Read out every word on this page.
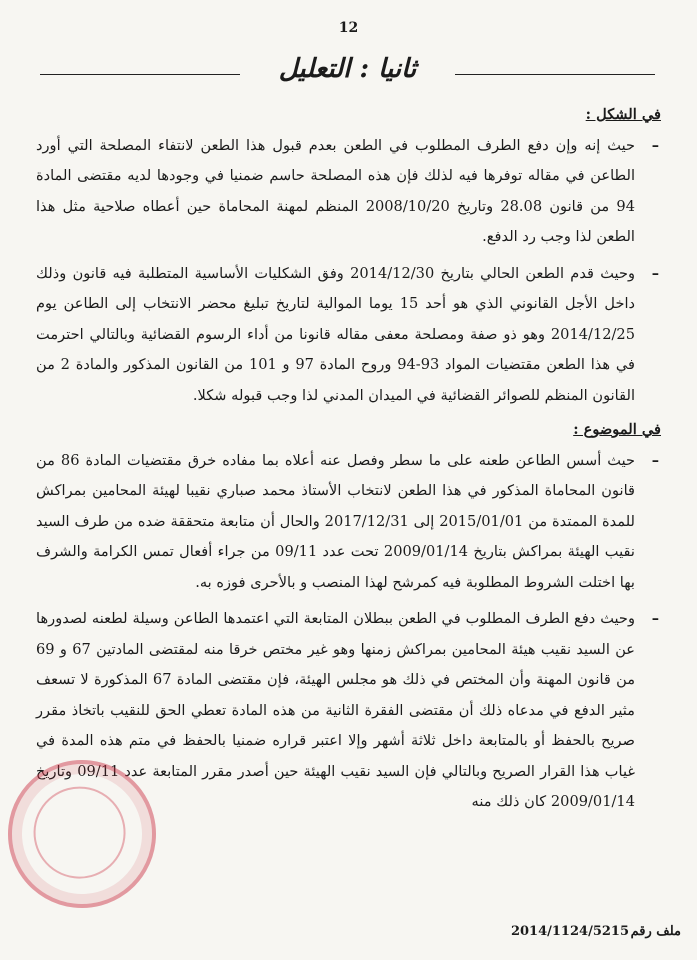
12
ثانيا : التعليل

في الشكل :

–
حيث إنه وإن دفع الطرف المطلوب في الطعن بعدم قبول هذا الطعن لانتفاء المصلحة التي أورد الطاعن في مقاله توفرها فيه لذلك فإن هذه المصلحة حاسم ضمنيا في وجودها لديه مقتضى المادة 94 من قانون 28.08 وتاريخ 2008/10/20 المنظم لمهنة المحاماة حين أعطاه صلاحية مثل هذا الطعن لذا وجب رد الدفع.
–
وحيث قدم الطعن الحالي بتاريخ 2014/12/30 وفق الشكليات الأساسية المتطلبة فيه قانون وذلك داخل الأجل القانوني الذي هو أحد 15 يوما الموالية لتاريخ تبليغ محضر الانتخاب إلى الطاعن يوم 2014/12/25 وهو ذو صفة ومصلحة معفى مقاله قانونا من أداء الرسوم القضائية وبالتالي احترمت في هذا الطعن مقتضيات المواد 93-94 وروح المادة 97 و 101 من القانون المذكور والمادة 2 من القانون المنظم للصوائر القضائية في الميدان المدني لذا وجب قبوله شكلا.

في الموضوع :

–
حيث أسس الطاعن طعنه على ما سطر وفصل عنه أعلاه بما مفاده خرق مقتضيات المادة 86 من قانون المحاماة المذكور في هذا الطعن لانتخاب الأستاذ محمد صباري نقيبا لهيئة المحامين بمراكش للمدة الممتدة من 2015/01/01 إلى 2017/12/31 والحال أن متابعة متحققة ضده من طرف السيد نقيب الهيئة بمراكش بتاريخ 2009/01/14 تحت عدد 09/11 من جراء أفعال تمس الكرامة والشرف بها اختلت الشروط المطلوبة فيه كمرشح لهذا المنصب و بالأحرى فوزه به.
–
وحيث دفع الطرف المطلوب في الطعن ببطلان المتابعة التي اعتمدها الطاعن وسيلة لطعنه لصدورها عن السيد نقيب هيئة المحامين بمراكش زمنها وهو غير مختص خرقا منه لمقتضى المادتين 67 و 69 من قانون المهنة وأن المختص في ذلك هو مجلس الهيئة، فإن مقتضى المادة 67 المذكورة لا تسعف مثير الدفع في مدعاه ذلك أن مقتضى الفقرة الثانية من هذه المادة تعطي الحق للنقيب باتخاذ مقرر صريح بالحفظ أو بالمتابعة داخل ثلاثة أشهر وإلا اعتبر قراره ضمنيا بالحفظ في متم هذه المدة في غياب هذا القرار الصريح وبالتالي فإن السيد نقيب الهيئة حين أصدر مقرر المتابعة عدد 09/11 وتاريخ 2009/01/14 كان ذلك منه
ملف رقم
2014/1124/5215
